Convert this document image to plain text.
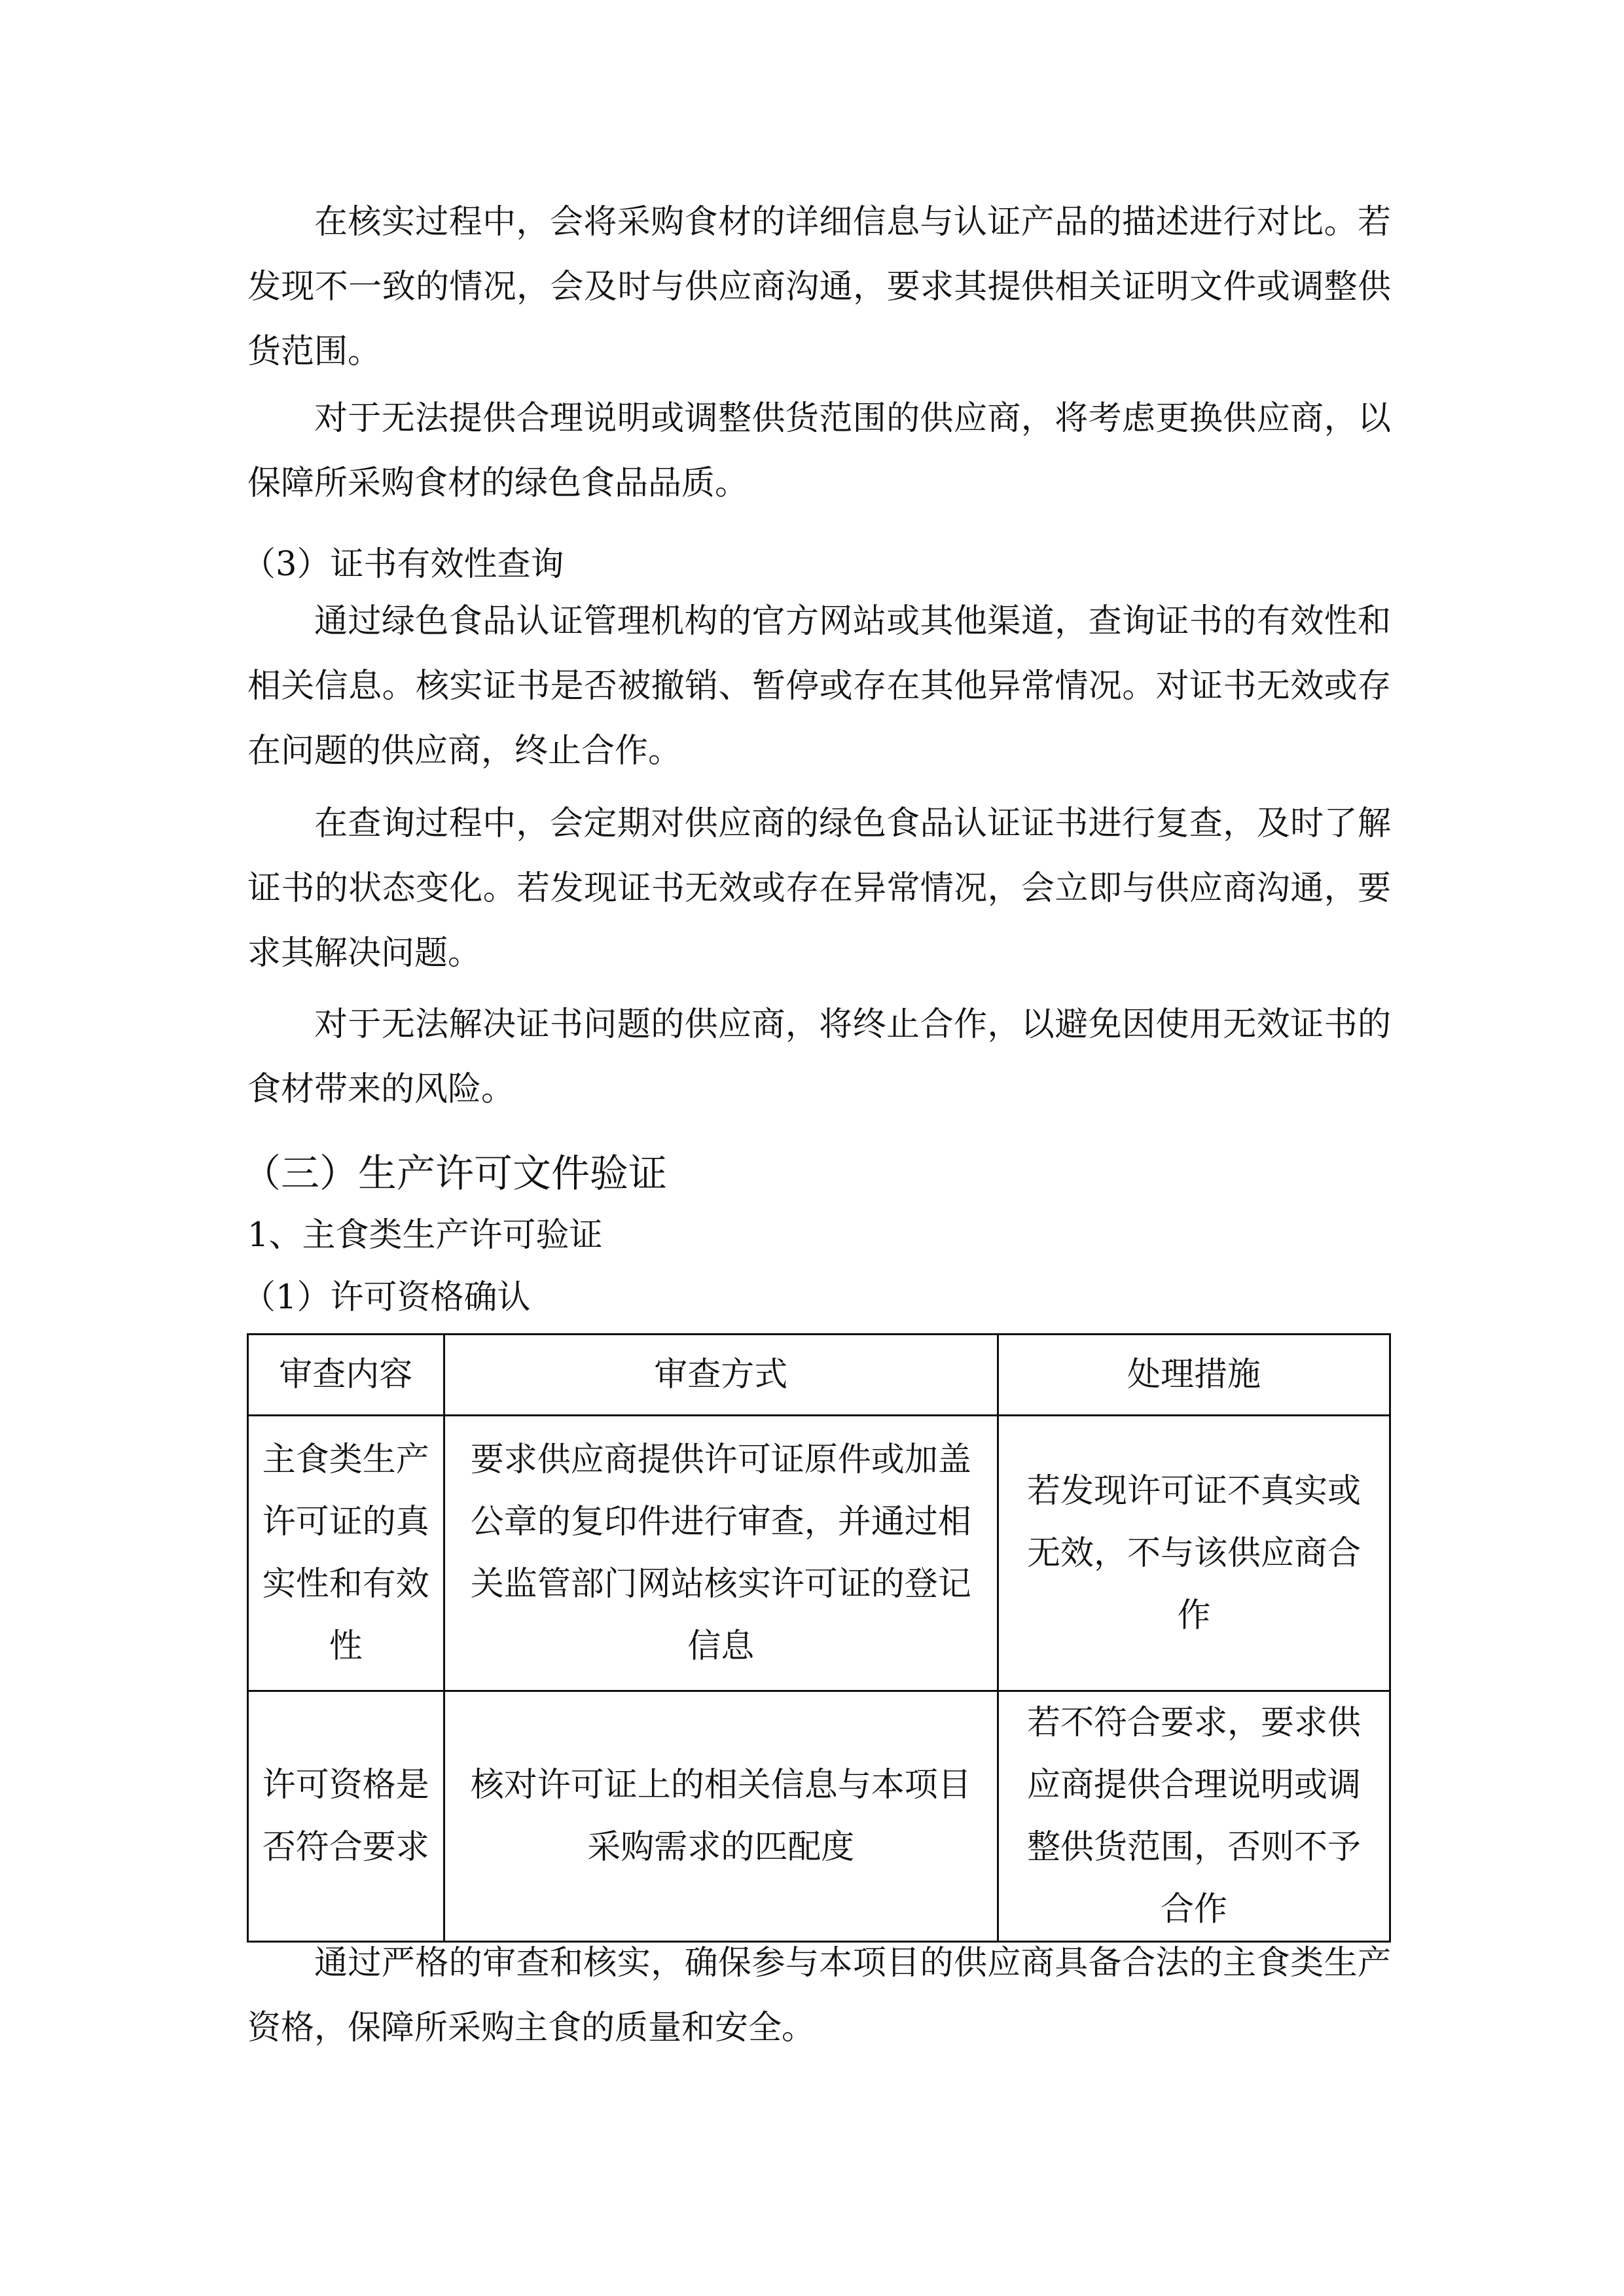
在核实过程中，会将采购食材的详细信息与认证产品的描述进行对比。若发现不一致的情况，会及时与供应商沟通，要求其提供相关证明文件或调整供货范围。

对于无法提供合理说明或调整供货范围的供应商，将考虑更换供应商，以保障所采购食材的绿色食品品质。

（3）证书有效性查询

通过绿色食品认证管理机构的官方网站或其他渠道，查询证书的有效性和相关信息。核实证书是否被撤销、暂停或存在其他异常情况。对证书无效或存在问题的供应商，终止合作。

在查询过程中，会定期对供应商的绿色食品认证证书进行复查，及时了解证书的状态变化。若发现证书无效或存在异常情况，会立即与供应商沟通，要求其解决问题。

对于无法解决证书问题的供应商，将终止合作，以避免因使用无效证书的食材带来的风险。

（三）生产许可文件验证

1、主食类生产许可验证

（1）许可资格确认

审查内容	审查方式	处理措施
主食类生产许可证的真实性和有效性	要求供应商提供许可证原件或加盖公章的复印件进行审查，并通过相关监管部门网站核实许可证的登记信息	若发现许可证不真实或无效，不与该供应商合作
许可资格是否符合要求	核对许可证上的相关信息与本项目采购需求的匹配度	若不符合要求，要求供应商提供合理说明或调整供货范围，否则不予合作

通过严格的审查和核实，确保参与本项目的供应商具备合法的主食类生产资格，保障所采购主食的质量和安全。
